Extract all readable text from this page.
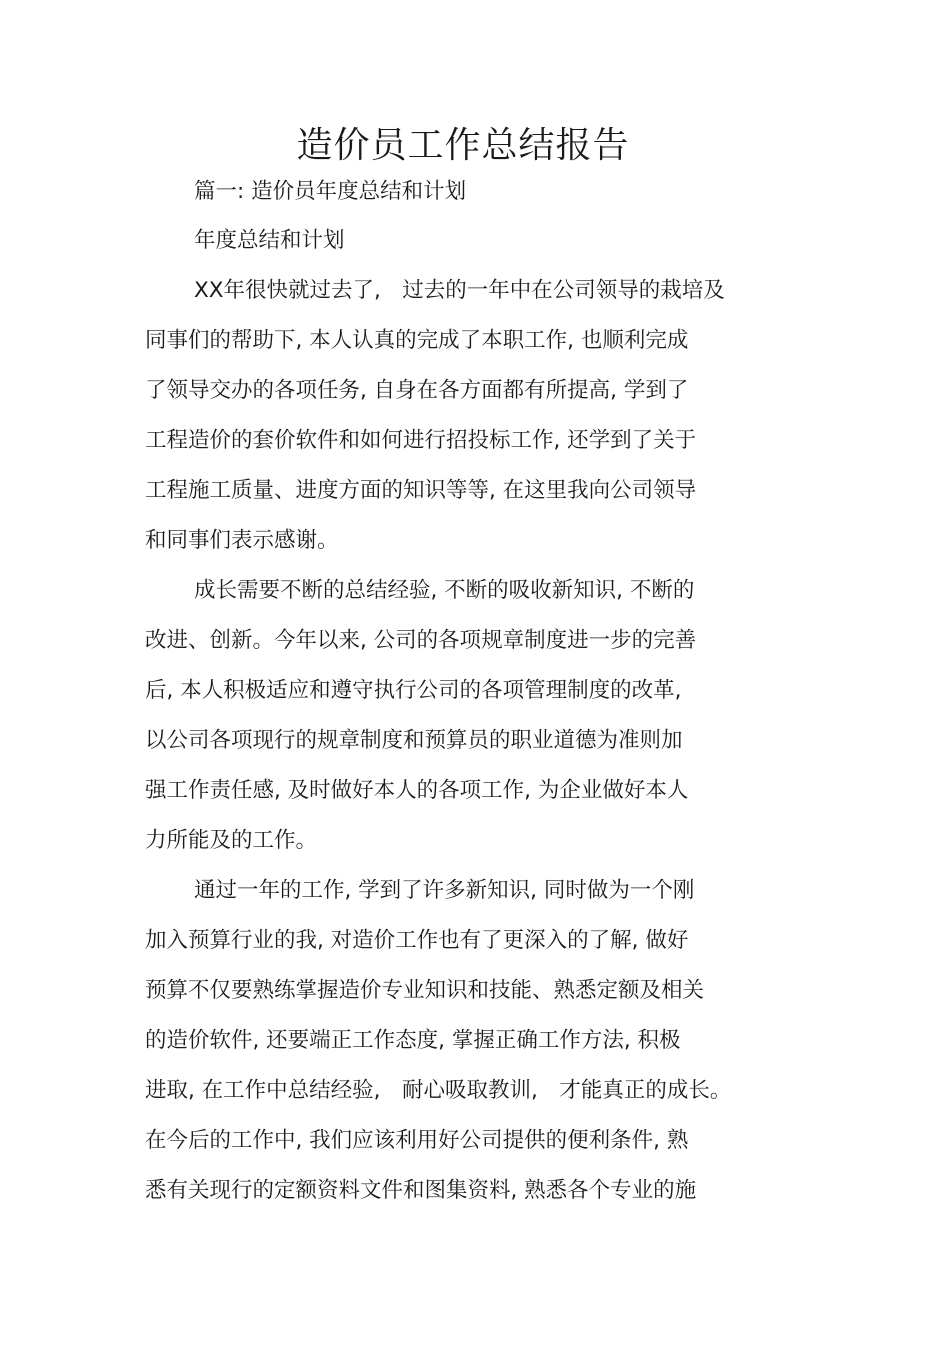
造价员工作总结报告

篇一: 造价员年度总结和计划

年度总结和计划

XX年很快就过去了,　过去的一年中在公司领导的栽培及

同事们的帮助下, 本人认真的完成了本职工作, 也顺利完成

了领导交办的各项任务, 自身在各方面都有所提高, 学到了

工程造价的套价软件和如何进行招投标工作, 还学到了关于

工程施工质量、进度方面的知识等等, 在这里我向公司领导

和同事们表示感谢。

成长需要不断的总结经验, 不断的吸收新知识, 不断的

改进、创新。今年以来, 公司的各项规章制度进一步的完善

后, 本人积极适应和遵守执行公司的各项管理制度的改革,

以公司各项现行的规章制度和预算员的职业道德为准则加

强工作责任感, 及时做好本人的各项工作, 为企业做好本人

力所能及的工作。

通过一年的工作, 学到了许多新知识, 同时做为一个刚

加入预算行业的我, 对造价工作也有了更深入的了解, 做好

预算不仅要熟练掌握造价专业知识和技能、熟悉定额及相关

的造价软件, 还要端正工作态度, 掌握正确工作方法, 积极

进取, 在工作中总结经验,　耐心吸取教训,　才能真正的成长。

在今后的工作中, 我们应该利用好公司提供的便利条件, 熟

悉有关现行的定额资料文件和图集资料, 熟悉各个专业的施
